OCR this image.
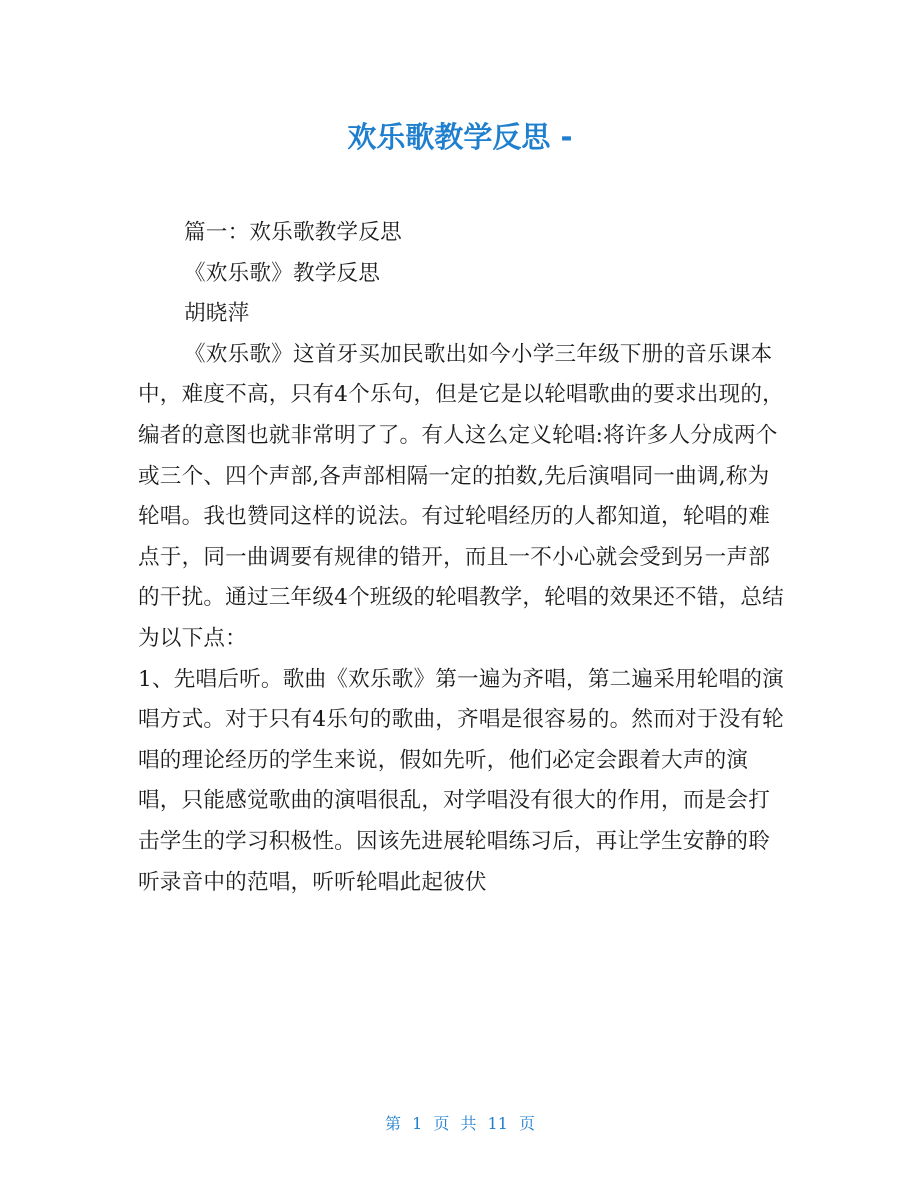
欢乐歌教学反思 -

篇一：欢乐歌教学反思

《欢乐歌》教学反思

胡晓萍

《欢乐歌》这首牙买加民歌出如今小学三年级下册的音乐课本中，难度不高，只有4个乐句，但是它是以轮唱歌曲的要求出现的，编者的意图也就非常明了了。有人这么定义轮唱:将许多人分成两个或三个、四个声部,各声部相隔一定的拍数,先后演唱同一曲调,称为轮唱。我也赞同这样的说法。有过轮唱经历的人都知道，轮唱的难点于，同一曲调要有规律的错开，而且一不小心就会受到另一声部的干扰。通过三年级4个班级的轮唱教学，轮唱的效果还不错，总结为以下点：

1、先唱后听。歌曲《欢乐歌》第一遍为齐唱，第二遍采用轮唱的演唱方式。对于只有4乐句的歌曲，齐唱是很容易的。然而对于没有轮唱的理论经历的学生来说，假如先听，他们必定会跟着大声的演唱，只能感觉歌曲的演唱很乱，对学唱没有很大的作用，而是会打击学生的学习积极性。因该先进展轮唱练习后，再让学生安静的聆听录音中的范唱，听听轮唱此起彼伏

第 1 页 共 11 页
